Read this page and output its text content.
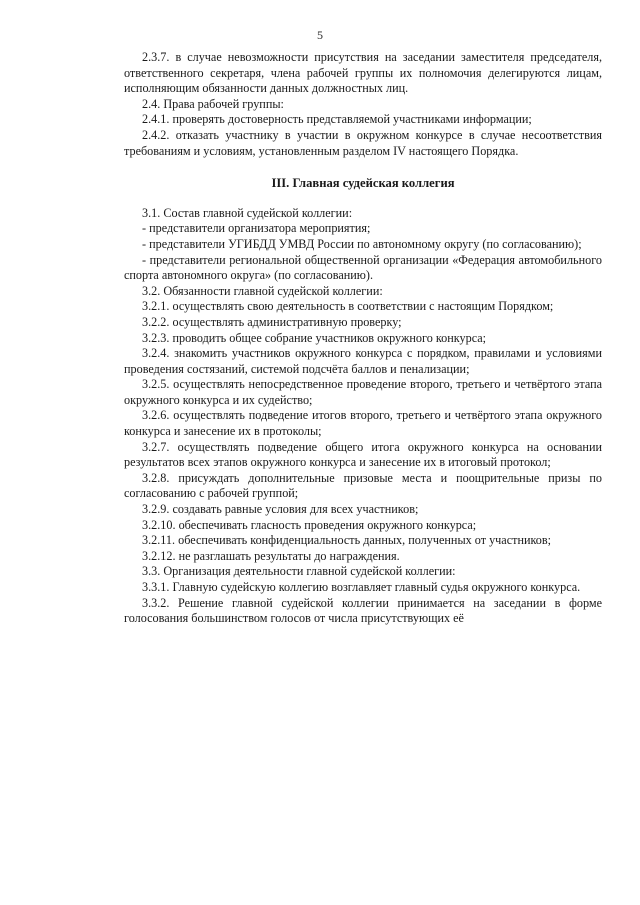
5

2.3.7. в случае невозможности присутствия на заседании заместителя председателя, ответственного секретаря, члена рабочей группы их полномочия делегируются лицам, исполняющим обязанности данных должностных лиц.

2.4. Права рабочей группы:

2.4.1. проверять достоверность представляемой участниками информации;

2.4.2. отказать участнику в участии в окружном конкурсе в случае несоответствия требованиям и условиям, установленным разделом IV настоящего Порядка.

III. Главная судейская коллегия

3.1. Состав главной судейской коллегии:

- представители организатора мероприятия;

- представители УГИБДД УМВД России по автономному округу (по согласованию);

- представители региональной общественной организации «Федерация автомобильного спорта автономного округа» (по согласованию).

3.2. Обязанности главной судейской коллегии:

3.2.1. осуществлять свою деятельность в соответствии с настоящим Порядком;

3.2.2. осуществлять административную проверку;

3.2.3. проводить общее собрание участников окружного конкурса;

3.2.4. знакомить участников окружного конкурса с порядком, правилами и условиями проведения состязаний, системой подсчёта баллов и пенализации;

3.2.5. осуществлять непосредственное проведение второго, третьего и четвёртого этапа окружного конкурса и их судейство;

3.2.6. осуществлять подведение итогов второго, третьего и четвёртого этапа окружного конкурса и занесение их в протоколы;

3.2.7. осуществлять подведение общего итога окружного конкурса на основании результатов всех этапов окружного конкурса и занесение их в итоговый протокол;

3.2.8. присуждать дополнительные призовые места и поощрительные призы по согласованию с рабочей группой;

3.2.9. создавать равные условия для всех участников;

3.2.10. обеспечивать гласность проведения окружного конкурса;

3.2.11. обеспечивать конфиденциальность данных, полученных от участников;

3.2.12. не разглашать результаты до награждения.

3.3. Организация деятельности главной судейской коллегии:

3.3.1. Главную судейскую коллегию возглавляет главный судья окружного конкурса.

3.3.2. Решение главной судейской коллегии принимается на заседании в форме голосования большинством голосов от числа присутствующих её
